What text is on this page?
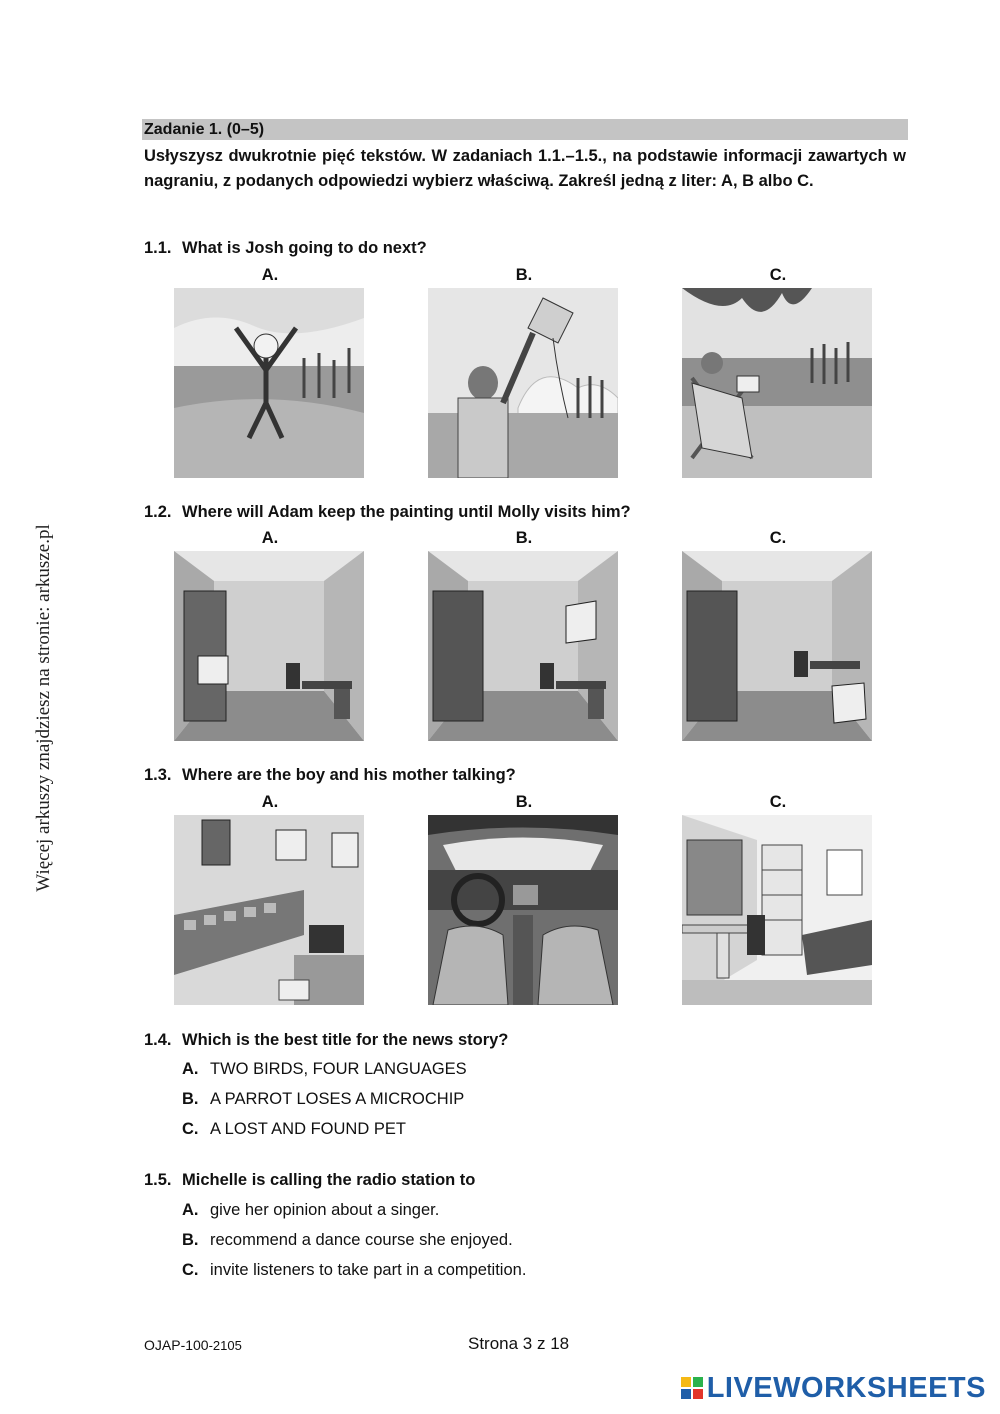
Więcej arkuszy znajdziesz na stronie: arkusze.pl
Zadanie 1. (0–5)

Usłyszysz dwukrotnie pięć tekstów. W zadaniach 1.1.–1.5., na podstawie informacji zawartych w nagraniu, z podanych odpowiedzi wybierz właściwą. Zakreśl jedną z liter: A, B albo C.

1.1. What is Josh going to do next?
A.	B.	C.
1.2. Where will Adam keep the painting until Molly visits him?
A.	B.	C.
1.3. Where are the boy and his mother talking?
A.	B.	C.
1.4. Which is the best title for the news story?
A. TWO BIRDS, FOUR LANGUAGES
B. A PARROT LOSES A MICROCHIP
C. A LOST AND FOUND PET
1.5. Michelle is calling the radio station to
A. give her opinion about a singer.
B. recommend a dance course she enjoyed.
C. invite listeners to take part in a competition.
OJAP-100-2105	Strona 3 z 18
LIVEWORKSHEETS
